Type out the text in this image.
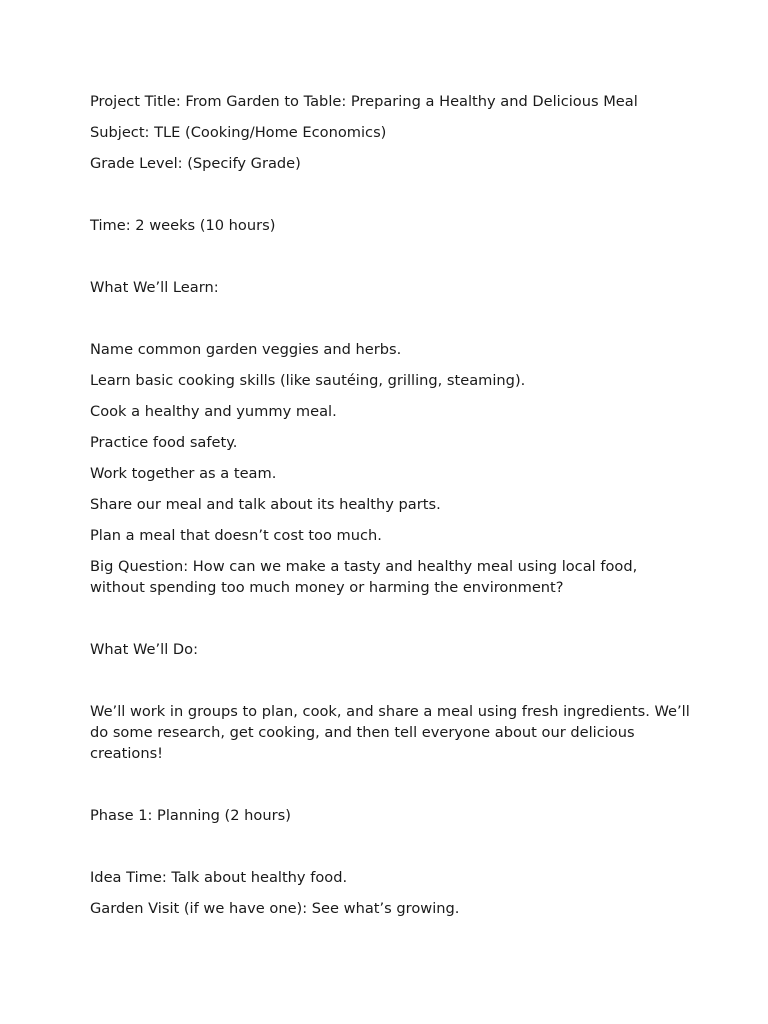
Project Title: From Garden to Table: Preparing a Healthy and Delicious Meal

Subject: TLE (Cooking/Home Economics)

Grade Level: (Specify Grade)

Time: 2 weeks (10 hours)

What We’ll Learn:

Name common garden veggies and herbs.

Learn basic cooking skills (like sautéing, grilling, steaming).

Cook a healthy and yummy meal.

Practice food safety.

Work together as a team.

Share our meal and talk about its healthy parts.

Plan a meal that doesn’t cost too much.

Big Question: How can we make a tasty and healthy meal using local food, without spending too much money or harming the environment?

What We’ll Do:

We’ll work in groups to plan, cook, and share a meal using fresh ingredients. We’ll do some research, get cooking, and then tell everyone about our delicious creations!

Phase 1: Planning (2 hours)

Idea Time: Talk about healthy food.

Garden Visit (if we have one): See what’s growing.
